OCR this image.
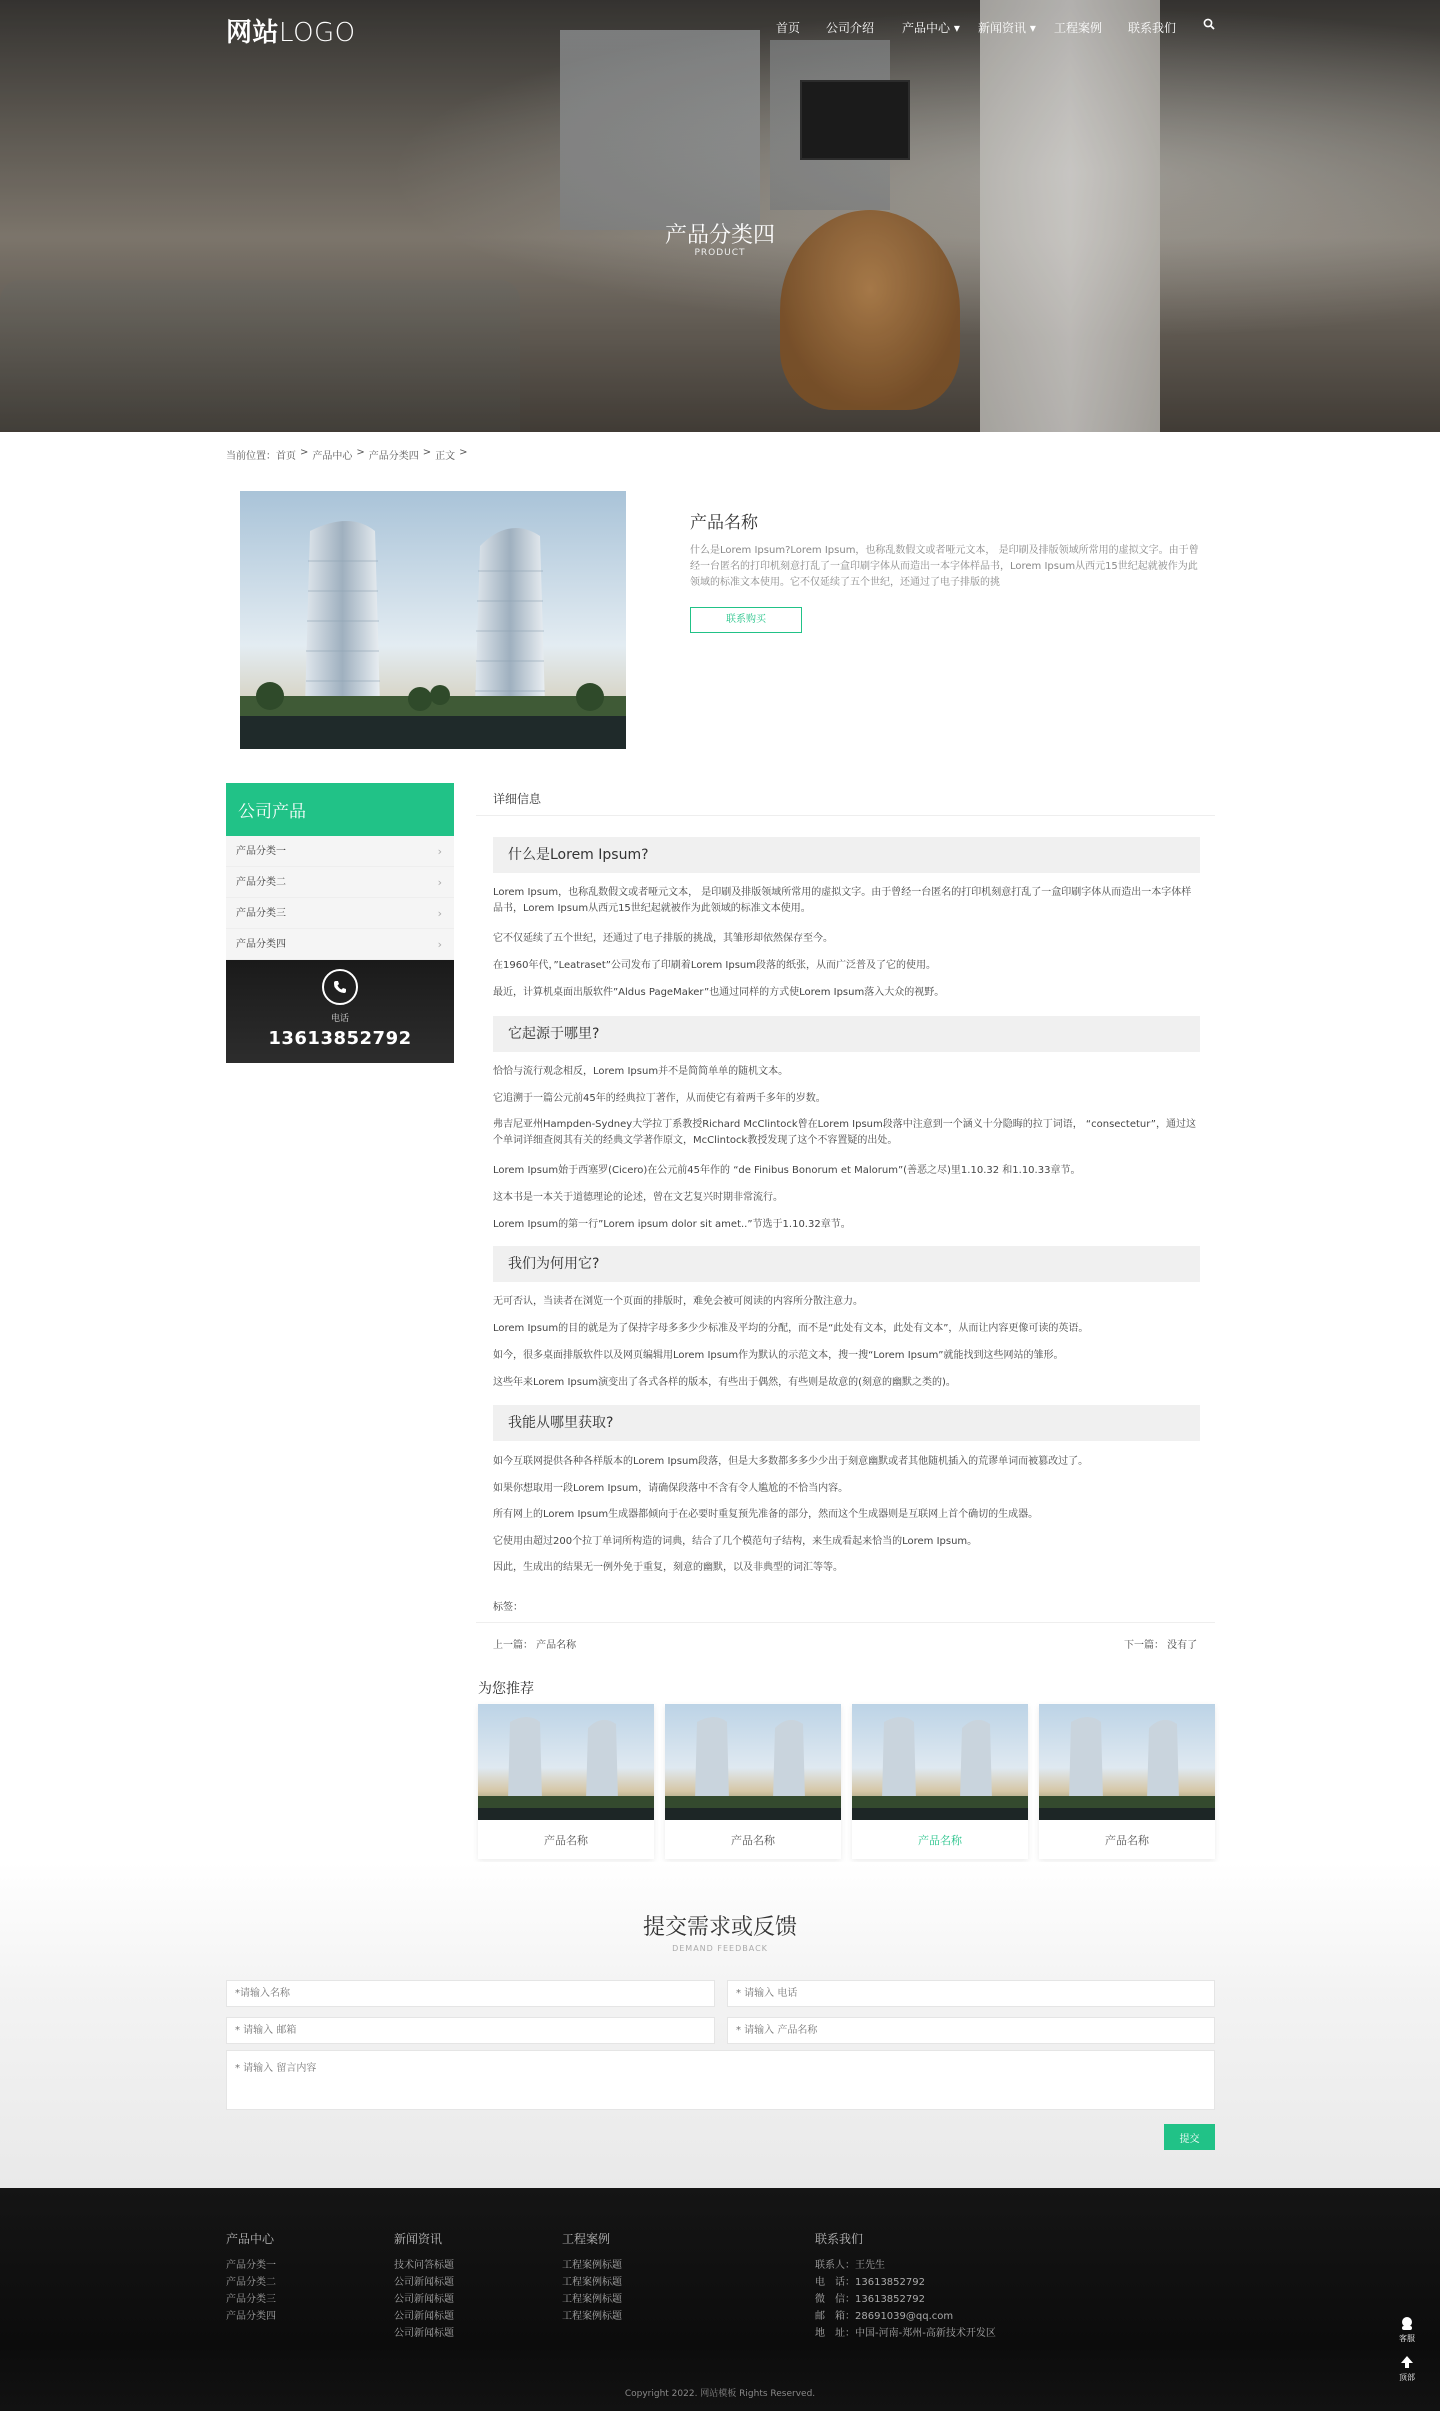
网站LOGO	首页 公司介绍 产品中心 ▾ 新闻资讯 ▾ 工程案例 联系我们
产品分类四
PRODUCT
当前位置：首页 > 产品中心 > 产品分类四 > 正文 >
产品名称
什么是Lorem Ipsum?Lorem Ipsum，也称乱数假文或者哑元文本， 是印刷及排版领域所常用的虚拟文字。由于曾经一台匿名的打印机刻意打乱了一盒印刷字体从而造出一本字体样品书，Lorem Ipsum从西元15世纪起就被作为此领域的标准文本使用。它不仅延续了五个世纪，还通过了电子排版的挑
联系购买
公司产品
产品分类一	›
产品分类二	›
产品分类三	›
产品分类四	›
电话
13613852792
详细信息
什么是Lorem Ipsum?
Lorem Ipsum，也称乱数假文或者哑元文本， 是印刷及排版领域所常用的虚拟文字。由于曾经一台匿名的打印机刻意打乱了一盒印刷字体从而造出一本字体样品书，Lorem Ipsum从西元15世纪起就被作为此领域的标准文本使用。
它不仅延续了五个世纪，还通过了电子排版的挑战，其雏形却依然保存至今。
在1960年代，”Leatraset”公司发布了印刷着Lorem Ipsum段落的纸张，从而广泛普及了它的使用。
最近，计算机桌面出版软件”Aldus PageMaker”也通过同样的方式使Lorem Ipsum落入大众的视野。
它起源于哪里?
恰恰与流行观念相反，Lorem Ipsum并不是简简单单的随机文本。
它追溯于一篇公元前45年的经典拉丁著作，从而使它有着两千多年的岁数。
弗吉尼亚州Hampden-Sydney大学拉丁系教授Richard McClintock曾在Lorem Ipsum段落中注意到一个涵义十分隐晦的拉丁词语， “consectetur”，通过这个单词详细查阅其有关的经典文学著作原文，McClintock教授发现了这个不容置疑的出处。
Lorem Ipsum始于西塞罗(Cicero)在公元前45年作的 “de Finibus Bonorum et Malorum”(善恶之尽)里1.10.32 和1.10.33章节。
这本书是一本关于道德理论的论述，曾在文艺复兴时期非常流行。
Lorem Ipsum的第一行”Lorem ipsum dolor sit amet..”节选于1.10.32章节。
我们为何用它?
无可否认，当读者在浏览一个页面的排版时，难免会被可阅读的内容所分散注意力。
Lorem Ipsum的目的就是为了保持字母多多少少标准及平均的分配，而不是“此处有文本，此处有文本”，从而让内容更像可读的英语。
如今，很多桌面排版软件以及网页编辑用Lorem Ipsum作为默认的示范文本，搜一搜“Lorem Ipsum”就能找到这些网站的雏形。
这些年来Lorem Ipsum演变出了各式各样的版本，有些出于偶然，有些则是故意的(刻意的幽默之类的)。
我能从哪里获取?
如今互联网提供各种各样版本的Lorem Ipsum段落，但是大多数都多多少少出于刻意幽默或者其他随机插入的荒谬单词而被篡改过了。
如果你想取用一段Lorem Ipsum，请确保段落中不含有令人尴尬的不恰当内容。
所有网上的Lorem Ipsum生成器都倾向于在必要时重复预先准备的部分，然而这个生成器则是互联网上首个确切的生成器。
它使用由超过200个拉丁单词所构造的词典，结合了几个模范句子结构，来生成看起来恰当的Lorem Ipsum。
因此，生成出的结果无一例外免于重复，刻意的幽默，以及非典型的词汇等等。
标签：
上一篇： 产品名称	下一篇： 没有了
为您推荐
产品名称	产品名称	产品名称	产品名称
提交需求或反馈
DEMAND FEEDBACK
*请输入名称
* 请输入 电话
* 请输入 邮箱
* 请输入 产品名称
* 请输入 留言内容
提交
产品中心
产品分类一
产品分类二
产品分类三
产品分类四
新闻资讯
技术问答标题
公司新闻标题
公司新闻标题
公司新闻标题
公司新闻标题
工程案例
工程案例标题
工程案例标题
工程案例标题
工程案例标题
联系我们
联系人：王先生
电　话：13613852792
微　信：13613852792
邮　箱：28691039@qq.com
地　址：中国-河南-郑州-高新技术开发区
Copyright 2022. 网站模板 Rights Reserved.
客服
顶部
